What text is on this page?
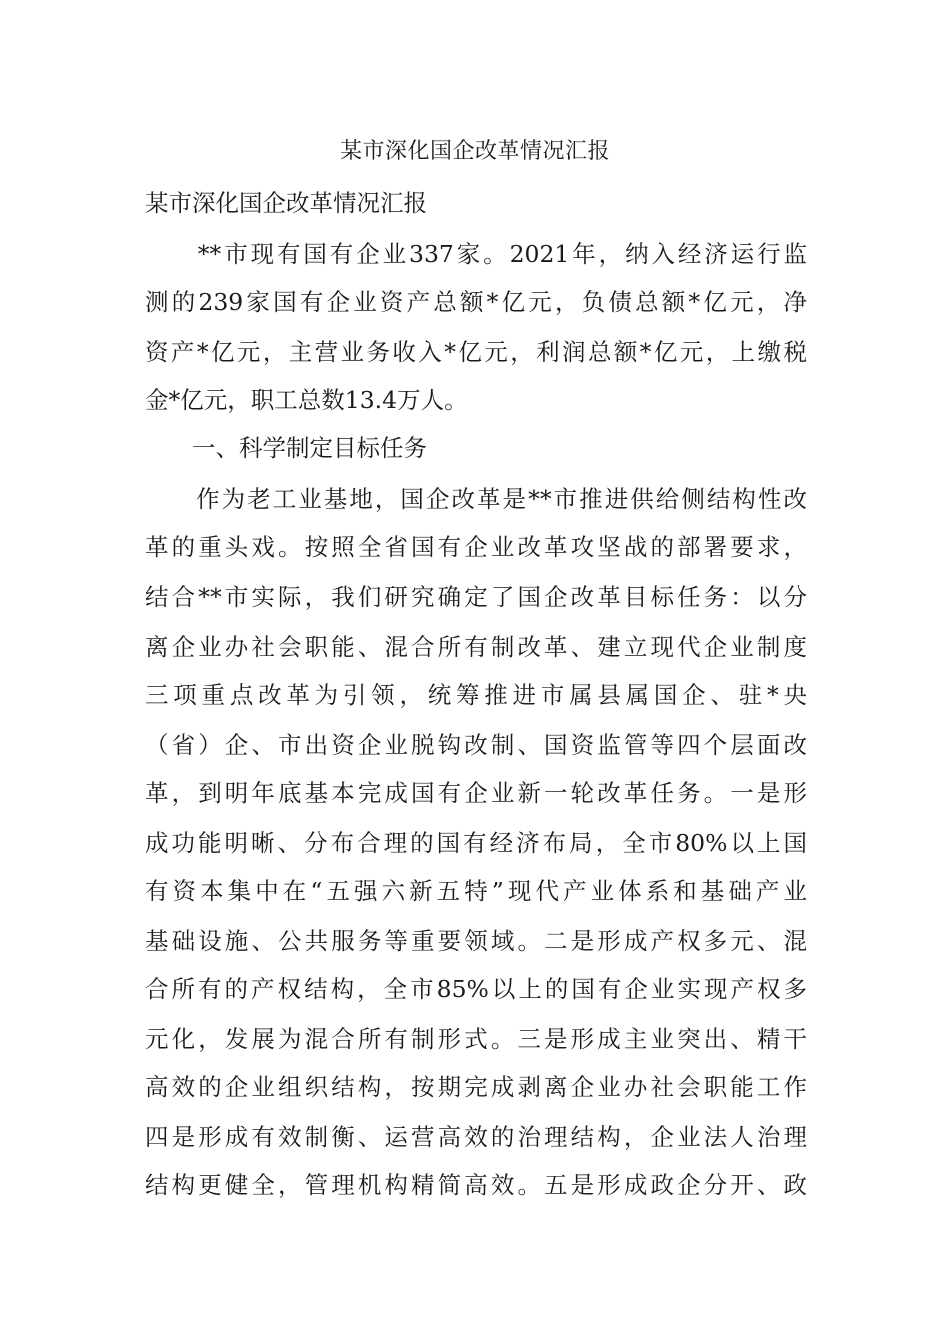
某市深化国企改革情况汇报
某市深化国企改革情况汇报
　　**市现有国有企业337家。2021年，纳入经济运行监
测的239家国有企业资产总额*亿元，负债总额*亿元，净
资产*亿元，主营业务收入*亿元，利润总额*亿元，上缴税
金*亿元，职工总数13.4万人。
　　一、科学制定目标任务
　　作为老工业基地，国企改革是**市推进供给侧结构性改
革的重头戏。按照全省国有企业改革攻坚战的部署要求，
结合**市实际，我们研究确定了国企改革目标任务：以分
离企业办社会职能、混合所有制改革、建立现代企业制度
三项重点改革为引领，统筹推进市属县属国企、驻*央
（省）企、市出资企业脱钩改制、国资监管等四个层面改
革，到明年底基本完成国有企业新一轮改革任务。一是形
成功能明晰、分布合理的国有经济布局，全市80%以上国
有资本集中在“五强六新五特”现代产业体系和基础产业
基础设施、公共服务等重要领域。二是形成产权多元、混
合所有的产权结构，全市85%以上的国有企业实现产权多
元化，发展为混合所有制形式。三是形成主业突出、精干
高效的企业组织结构，按期完成剥离企业办社会职能工作
四是形成有效制衡、运营高效的治理结构，企业法人治理
结构更健全，管理机构精简高效。五是形成政企分开、政
